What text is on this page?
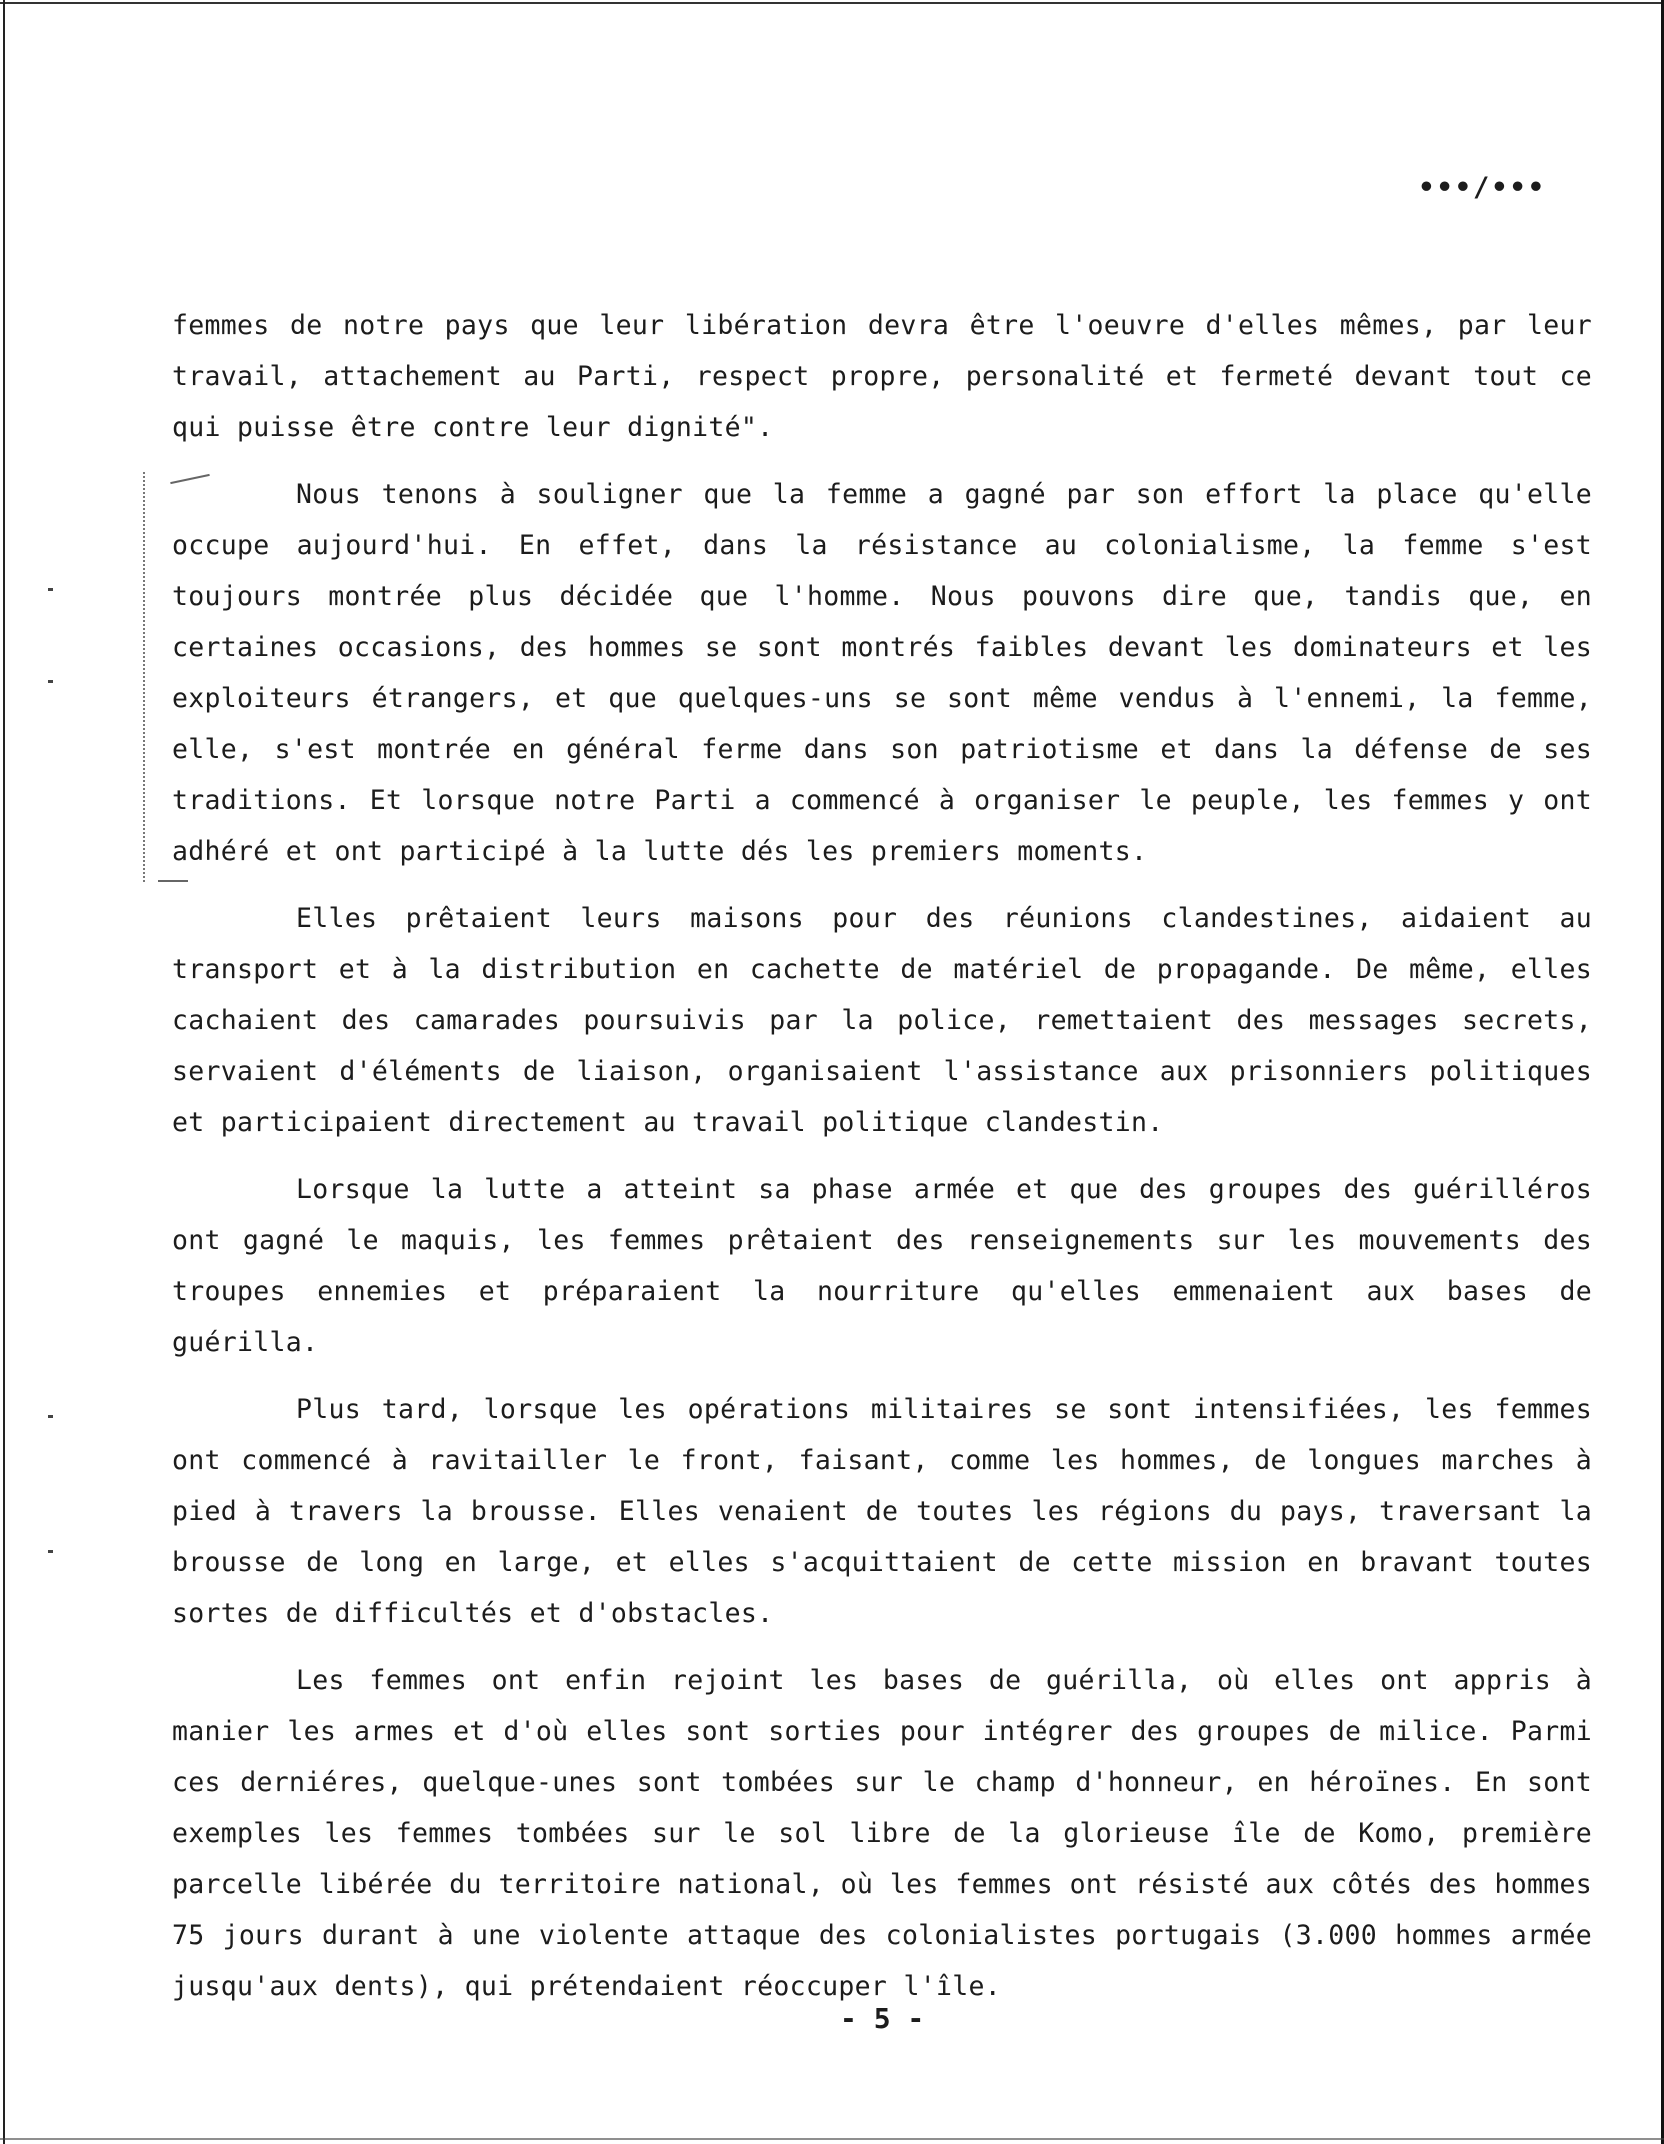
•••/•••

femmes de notre pays que leur libération devra être l'oeuvre d'elles mêmes, par leur travail, attachement au Parti, respect propre, personalité et fermeté devant tout ce qui puisse être contre leur dignité".

Nous tenons à souligner que la femme a gagné par son effort la place qu'elle occupe aujourd'hui. En effet, dans la résistance au colonialisme, la femme s'est toujours montrée plus décidée que l'homme. Nous pouvons dire que, tandis que, en certaines occasions, des hommes se sont montrés faibles devant les dominateurs et les exploiteurs étrangers, et que quelques-uns se sont même vendus à l'ennemi, la femme, elle, s'est montrée en général ferme dans son patriotisme et dans la défense de ses traditions. Et lorsque notre Parti a commencé à organiser le peuple, les femmes y ont adhéré et ont participé à la lutte dés les premiers moments.

Elles prêtaient leurs maisons pour des réunions clandestines, aidaient au transport et à la distribution en cachette de matériel de propagande. De même, elles cachaient des camarades poursuivis par la police, remettaient des messages secrets, servaient d'éléments de liaison, organisaient l'assistance aux prisonniers politiques et participaient directement au travail politique clandestin.

Lorsque la lutte a atteint sa phase armée et que des groupes des guérilléros ont gagné le maquis, les femmes prêtaient des renseignements sur les mouvements des troupes ennemies et préparaient la nourriture qu'elles emmenaient aux bases de guérilla.

Plus tard, lorsque les opérations militaires se sont intensifiées, les femmes ont commencé à ravitailler le front, faisant, comme les hommes, de longues marches à pied à travers la brousse. Elles venaient de toutes les régions du pays, traversant la brousse de long en large, et elles s'acquittaient de cette mission en bravant toutes sortes de difficultés et d'obstacles.

Les femmes ont enfin rejoint les bases de guérilla, où elles ont appris à manier les armes et d'où elles sont sorties pour intégrer des groupes de milice. Parmi ces derniéres, quelque-unes sont tombées sur le champ d'honneur, en héroïnes. En sont exemples les femmes tombées sur le sol libre de la glorieuse île de Komo, première parcelle libérée du territoire national, où les femmes ont résisté aux côtés des hommes 75 jours durant à une violente attaque des colonialistes portugais (3.000 hommes armée jusqu'aux dents), qui prétendaient réoccuper l'île.

- 5 -
